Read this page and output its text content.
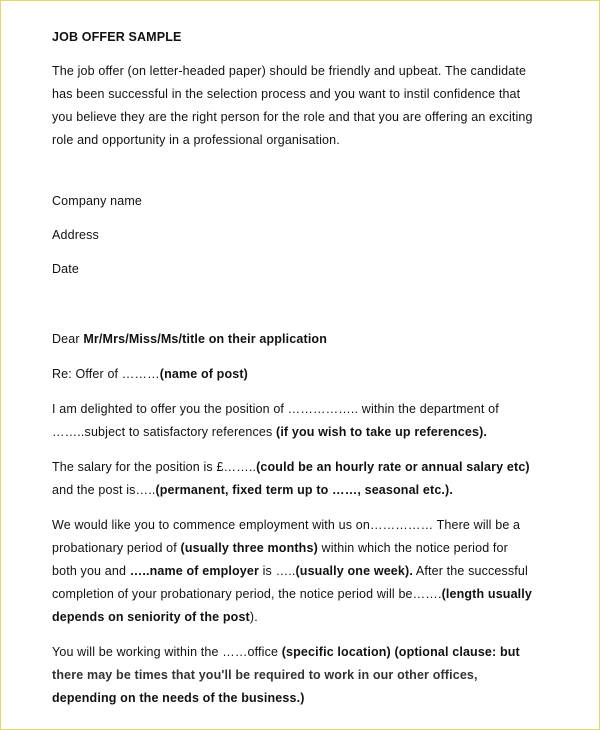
JOB OFFER SAMPLE
The job offer (on letter-headed paper) should be friendly and upbeat. The candidate
has been successful in the selection process and you want to instil confidence that
you believe they are the right person for the role and that you are offering an exciting
role and opportunity in a professional organisation.
Company name
Address
Date
Dear Mr/Mrs/Miss/Ms/title on their application
Re: Offer of ………(name of post)
I am delighted to offer you the position of …………….. within the department of
……..subject to satisfactory references (if you wish to take up references).
The salary for the position is £……..(could be an hourly rate or annual salary etc)
and the post is…..(permanent, fixed term up to ……, seasonal etc.).
We would like you to commence employment with us on…………… There will be a
probationary period of (usually three months) within which the notice period for
both you and …..name of employer is …..(usually one week). After the successful
completion of your probationary period, the notice period will be…….(length usually
depends on seniority of the post).
You will be working within the ……office (specific location) (optional clause: but
there may be times that you'll be required to work in our other offices,
depending on the needs of the business.)
